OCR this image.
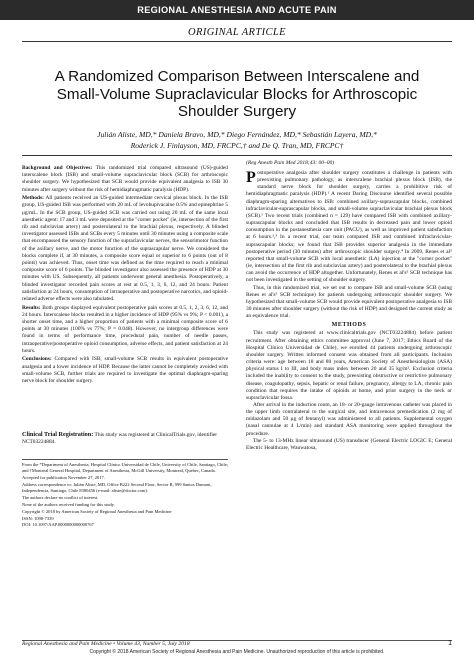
REGIONAL ANESTHESIA AND ACUTE PAIN
ORIGINAL ARTICLE
A Randomized Comparison Between Interscalene and Small-Volume Supraclavicular Blocks for Arthroscopic Shoulder Surgery
Julián Aliste, MD,* Daniela Bravo, MD,* Diego Fernández, MD,* Sebastián Layera, MD,*
Roderick J. Finlayson, MD, FRCPC,† and De Q. Tran, MD, FRCPC†

Background and Objectives: This randomized trial compared ultrasound (US)-guided interscalene block (ISB) and small-volume supraclavicular block (SCB) for arthroscopic shoulder surgery. We hypothesized that SCB would provide equivalent analgesia to ISB 30 minutes after surgery without the risk of hemidiaphragmatic paralysis (HDP).

Methods: All patients received an US-guided intermediate cervical plexus block. In the ISB group, US-guided ISB was performed with 20 mL of levobupivacaine 0.5% and epinephrine 5 μg/mL. In the SCB group, US-guided SCB was carried out using 20 mL of the same local anesthetic agent: 17 and 3 mL were deposited at the "corner pocket" (ie, intersection of the first rib and subclavian artery) and posterolateral to the brachial plexus, respectively. A blinded investigator assessed ISBs and SCBs every 5 minutes until 30 minutes using a composite scale that encompassed the sensory function of the supraclavicular nerves, the sensorimotor function of the axillary nerve, and the motor function of the suprascapular nerve. We considered the blocks complete if, at 30 minutes, a composite score equal or superior to 6 points (out of 8 points) was achieved. Thus, onset time was defined as the time required to reach a minimal composite score of 6 points. The blinded investigator also assessed the presence of HDP at 30 minutes with US. Subsequently, all patients underwent general anesthesia. Postoperatively, a blinded investigator recorded pain scores at rest at 0.5, 1, 3, 6, 12, and 24 hours. Patient satisfaction at 24 hours, consumption of intraoperative and postoperative narcotics, and opioid-related adverse effects were also tabulated.

Results: Both groups displayed equivalent postoperative pain scores at 0.5, 1, 2, 3, 6, 12, and 24 hours. Interscalene blocks resulted in a higher incidence of HDP (95% vs 9%; P < 0.001), a shorter onset time, and a higher proportion of patients with a minimal composite score of 6 points at 30 minutes (100% vs 77%; P = 0.048). However, no intergroup differences were found in terms of performance time, procedural pain, number of needle passes, intraoperative/postoperative opioid consumption, adverse effects, and patient satisfaction at 24 hours.

Conclusions: Compared with ISB, small-volume SCB results in equivalent postoperative analgesia and a lower incidence of HDP. Because the latter cannot be completely avoided with small-volume SCB, further trials are required to investigate the optimal diaphragm-sparing nerve block for shoulder surgery.

Clinical Trial Registration: This study was registered at ClinicalTrials.gov, identifier NCT03224884.

From the *Department of Anesthesia, Hospital Clínico Universidad de Chile, University of Chile, Santiago, Chile; and †Montreal General Hospital, Department of Anesthesia, McGill University, Montreal, Quebec, Canada.

Accepted for publication November 27, 2017.

Address correspondence to: Julián Aliste, MD, Office B222 Second Floor, Sector B, 999 Santos Dumont, Independencia, Santiago, Chile 8380456 (e-mail: aliste@doctor.com).

The authors declare no conflict of interest.

None of the authors received funding for this study.

Copyright © 2018 by American Society of Regional Anesthesia and Pain Medicine

ISSN: 1098-7339

DOI: 10.1097/AAP.0000000000000767

(Reg Anesth Pain Med 2018;43: 00–00)

Postoperative analgesia after shoulder surgery constitutes a challenge in patients with preexisting pulmonary pathology, as interscalene brachial plexus block (ISB), the standard nerve block for shoulder surgery, carries a prohibitive risk of hemidiaphragmatic paralysis (HDP).¹ A recent Daring Discourse identified several possible diaphragm-sparing alternatives to ISB: combined axillary-suprascapular blocks, combined infraclavicular-suprascapular blocks, and small-volume supraclavicular brachial plexus block (SCB).¹ Two recent trials (combined n = 129) have compared ISB with combined axillary-suprascapular blocks and concluded that ISB results in decreased pain and lower opioid consumption in the postanesthesia care unit (PACU), as well as improved patient satisfaction at 6 hours.²,³ In a recent trial, our team compared ISB and combined infraclavicular-suprascapular blocks; we found that ISB provides superior analgesia in the immediate postoperative period (30 minutes) after arthroscopic shoulder surgery.⁴ In 2009, Renes et al⁵ reported that small-volume SCB with local anesthetic (LA) injection at the "corner pocket" (ie, intersection of the first rib and subclavian artery) and posterolateral to the brachial plexus can avoid the occurrence of HDP altogether. Unfortunately, Renes et al's⁵ SCB technique has not been investigated in the setting of shoulder surgery.

Thus, in this randomized trial, we set out to compare ISB and small-volume SCB (using Renes et al's⁵ SCB technique) for patients undergoing arthroscopic shoulder surgery. We hypothesized that small-volume SCB would provide equivalent postoperative analgesia to ISB 30 minutes after shoulder surgery (without the risk of HDP) and designed the current study as an equivalence trial.

METHODS

This study was registered at www.clinicaltrials.gov (NCT03224884) before patient recruitment. After obtaining ethics committee approval (June 7, 2017; Ethics Board of the Hospital Clínico Universidad de Chile), we enrolled 44 patients undergoing arthroscopic shoulder surgery. Written informed consent was obtained from all participants. Inclusion criteria were: age between 18 and 80 years, American Society of Anesthesiologists (ASA) physical status I to III, and body mass index between 20 and 35 kg/m². Exclusion criteria included the inability to consent to the study, preexisting obstructive or restrictive pulmonary disease, coagulopathy, sepsis, hepatic or renal failure, pregnancy, allergy to LA, chronic pain condition that requires the intake of opioids at home, and prior surgery in the neck or supraclavicular fossa.

After arrival in the induction room, an 18- or 20-gauge intravenous catheter was placed in the upper limb contralateral to the surgical site, and intravenous premedication (2 mg of midazolam and 50 μg of fentanyl) was administered to all patients. Supplemental oxygen (nasal cannulae at 4 L/min) and standard ASA monitoring were applied throughout the procedure.

The 5- to 13-MHz linear ultrasound (US) transducer (General Electric LOGIC E; General Electric Healthcare, Wauwatosa,

Regional Anesthesia and Pain Medicine • Volume 43, Number 5, July 2018	1
Copyright © 2018 American Society of Regional Anesthesia and Pain Medicine. Unauthorized reproduction of this article is prohibited.
